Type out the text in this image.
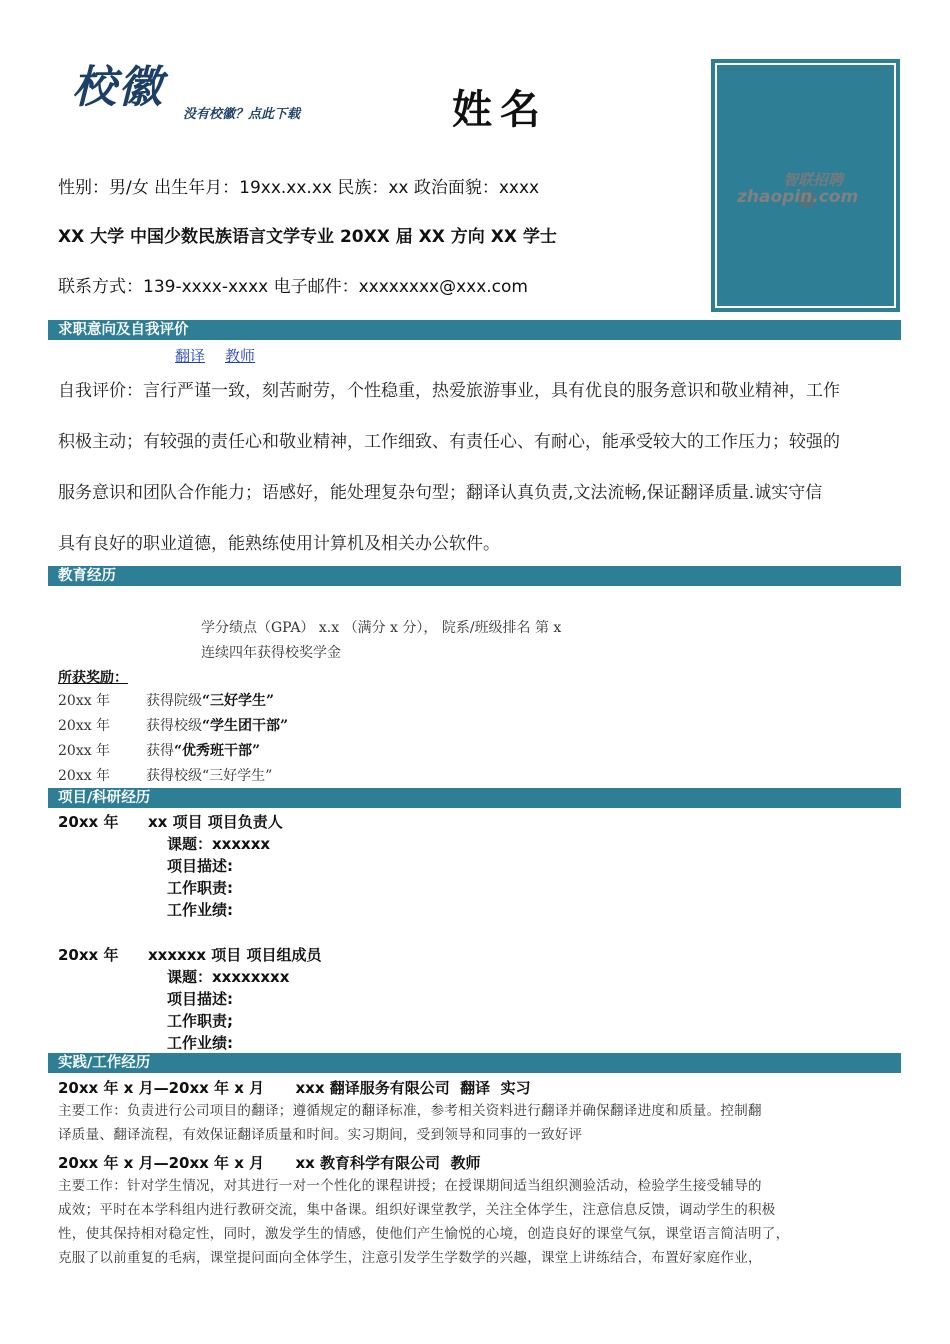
校徽
没有校徽？点此下载	姓名
智联招聘
zhaopin.com
性别：男/女 出生年月：19xx.xx.xx 民族：xx 政治面貌：xxxx
XX 大学 中国少数民族语言文学专业 20XX 届 XX 方向 XX 学士
联系方式：139-xxxx-xxxx 电子邮件：xxxxxxxx@xxx.com
求职意向及自我评价
翻译 教师
自我评价：言行严谨一致，刻苦耐劳，个性稳重，热爱旅游事业，具有优良的服务意识和敬业精神，工作
积极主动；有较强的责任心和敬业精神，工作细致、有责任心、有耐心，能承受较大的工作压力；较强的
服务意识和团队合作能力；语感好，能处理复杂句型；翻译认真负责,文法流畅,保证翻译质量.诚实守信
具有良好的职业道德，能熟练使用计算机及相关办公软件。
教育经历
学分绩点（GPA） x.x （满分 x 分）， 院系/班级排名 第 x
连续四年获得校奖学金
所获奖励：
20xx 年	获得院级“三好学生”
20xx 年	获得校级“学生团干部”
20xx 年	获得“优秀班干部”
20xx 年	获得校级“三好学生”
项目/科研经历
20xx 年 xx 项目 项目负责人
课题：xxxxxx
项目描述:
工作职责:
工作业绩:
20xx 年 xxxxxx 项目 项目组成员
课题：xxxxxxxx
项目描述:
工作职责;
工作业绩:
实践/工作经历
20xx 年 x 月—20xx 年 x 月      xxx 翻译服务有限公司  翻译  实习
主要工作：负责进行公司项目的翻译；遵循规定的翻译标准，参考相关资料进行翻译并确保翻译进度和质量。控制翻
译质量、翻译流程，有效保证翻译质量和时间。实习期间，受到领导和同事的一致好评
20xx 年 x 月—20xx 年 x 月      xx 教育科学有限公司  教师
主要工作：针对学生情况，对其进行一对一个性化的课程讲授；在授课期间适当组织测验活动，检验学生接受辅导的
成效；平时在本学科组内进行教研交流，集中备课。组织好课堂教学，关注全体学生，注意信息反馈，调动学生的积极
性，使其保持相对稳定性，同时，激发学生的情感，使他们产生愉悦的心境，创造良好的课堂气氛，课堂语言简洁明了，
克服了以前重复的毛病，课堂提问面向全体学生，注意引发学生学数学的兴趣，课堂上讲练结合，布置好家庭作业，
